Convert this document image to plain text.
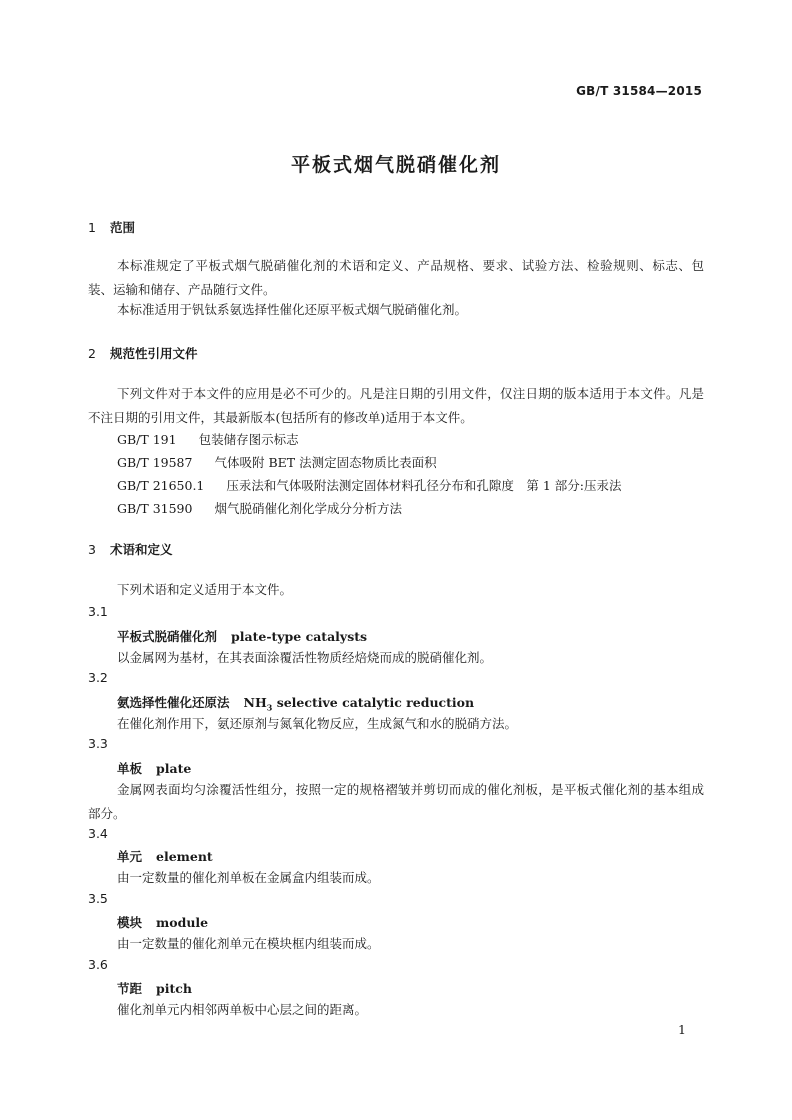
GB/T 31584—2015
平板式烟气脱硝催化剂
1 范围
本标准规定了平板式烟气脱硝催化剂的术语和定义、产品规格、要求、试验方法、检验规则、标志、包装、运输和储存、产品随行文件。
本标准适用于钒钛系氨选择性催化还原平板式烟气脱硝催化剂。
2 规范性引用文件
下列文件对于本文件的应用是必不可少的。凡是注日期的引用文件，仅注日期的版本适用于本文件。凡是不注日期的引用文件，其最新版本(包括所有的修改单)适用于本文件。
GB/T 191 包装储存图示标志
GB/T 19587 气体吸附 BET 法测定固态物质比表面积
GB/T 21650.1 压汞法和气体吸附法测定固体材料孔径分布和孔隙度　第 1 部分:压汞法
GB/T 31590 烟气脱硝催化剂化学成分分析方法
3 术语和定义
下列术语和定义适用于本文件。
3.1
平板式脱硝催化剂 plate-type catalysts
以金属网为基材，在其表面涂覆活性物质经焙烧而成的脱硝催化剂。
3.2
氨选择性催化还原法 $NH_3$ selective catalytic reduction
在催化剂作用下，氨还原剂与氮氧化物反应，生成氮气和水的脱硝方法。
3.3
单板 plate
金属网表面均匀涂覆活性组分，按照一定的规格褶皱并剪切而成的催化剂板，是平板式催化剂的基本组成部分。
3.4
单元 element
由一定数量的催化剂单板在金属盒内组装而成。
3.5
模块 module
由一定数量的催化剂单元在模块框内组装而成。
3.6
节距 pitch
催化剂单元内相邻两单板中心层之间的距离。
1
